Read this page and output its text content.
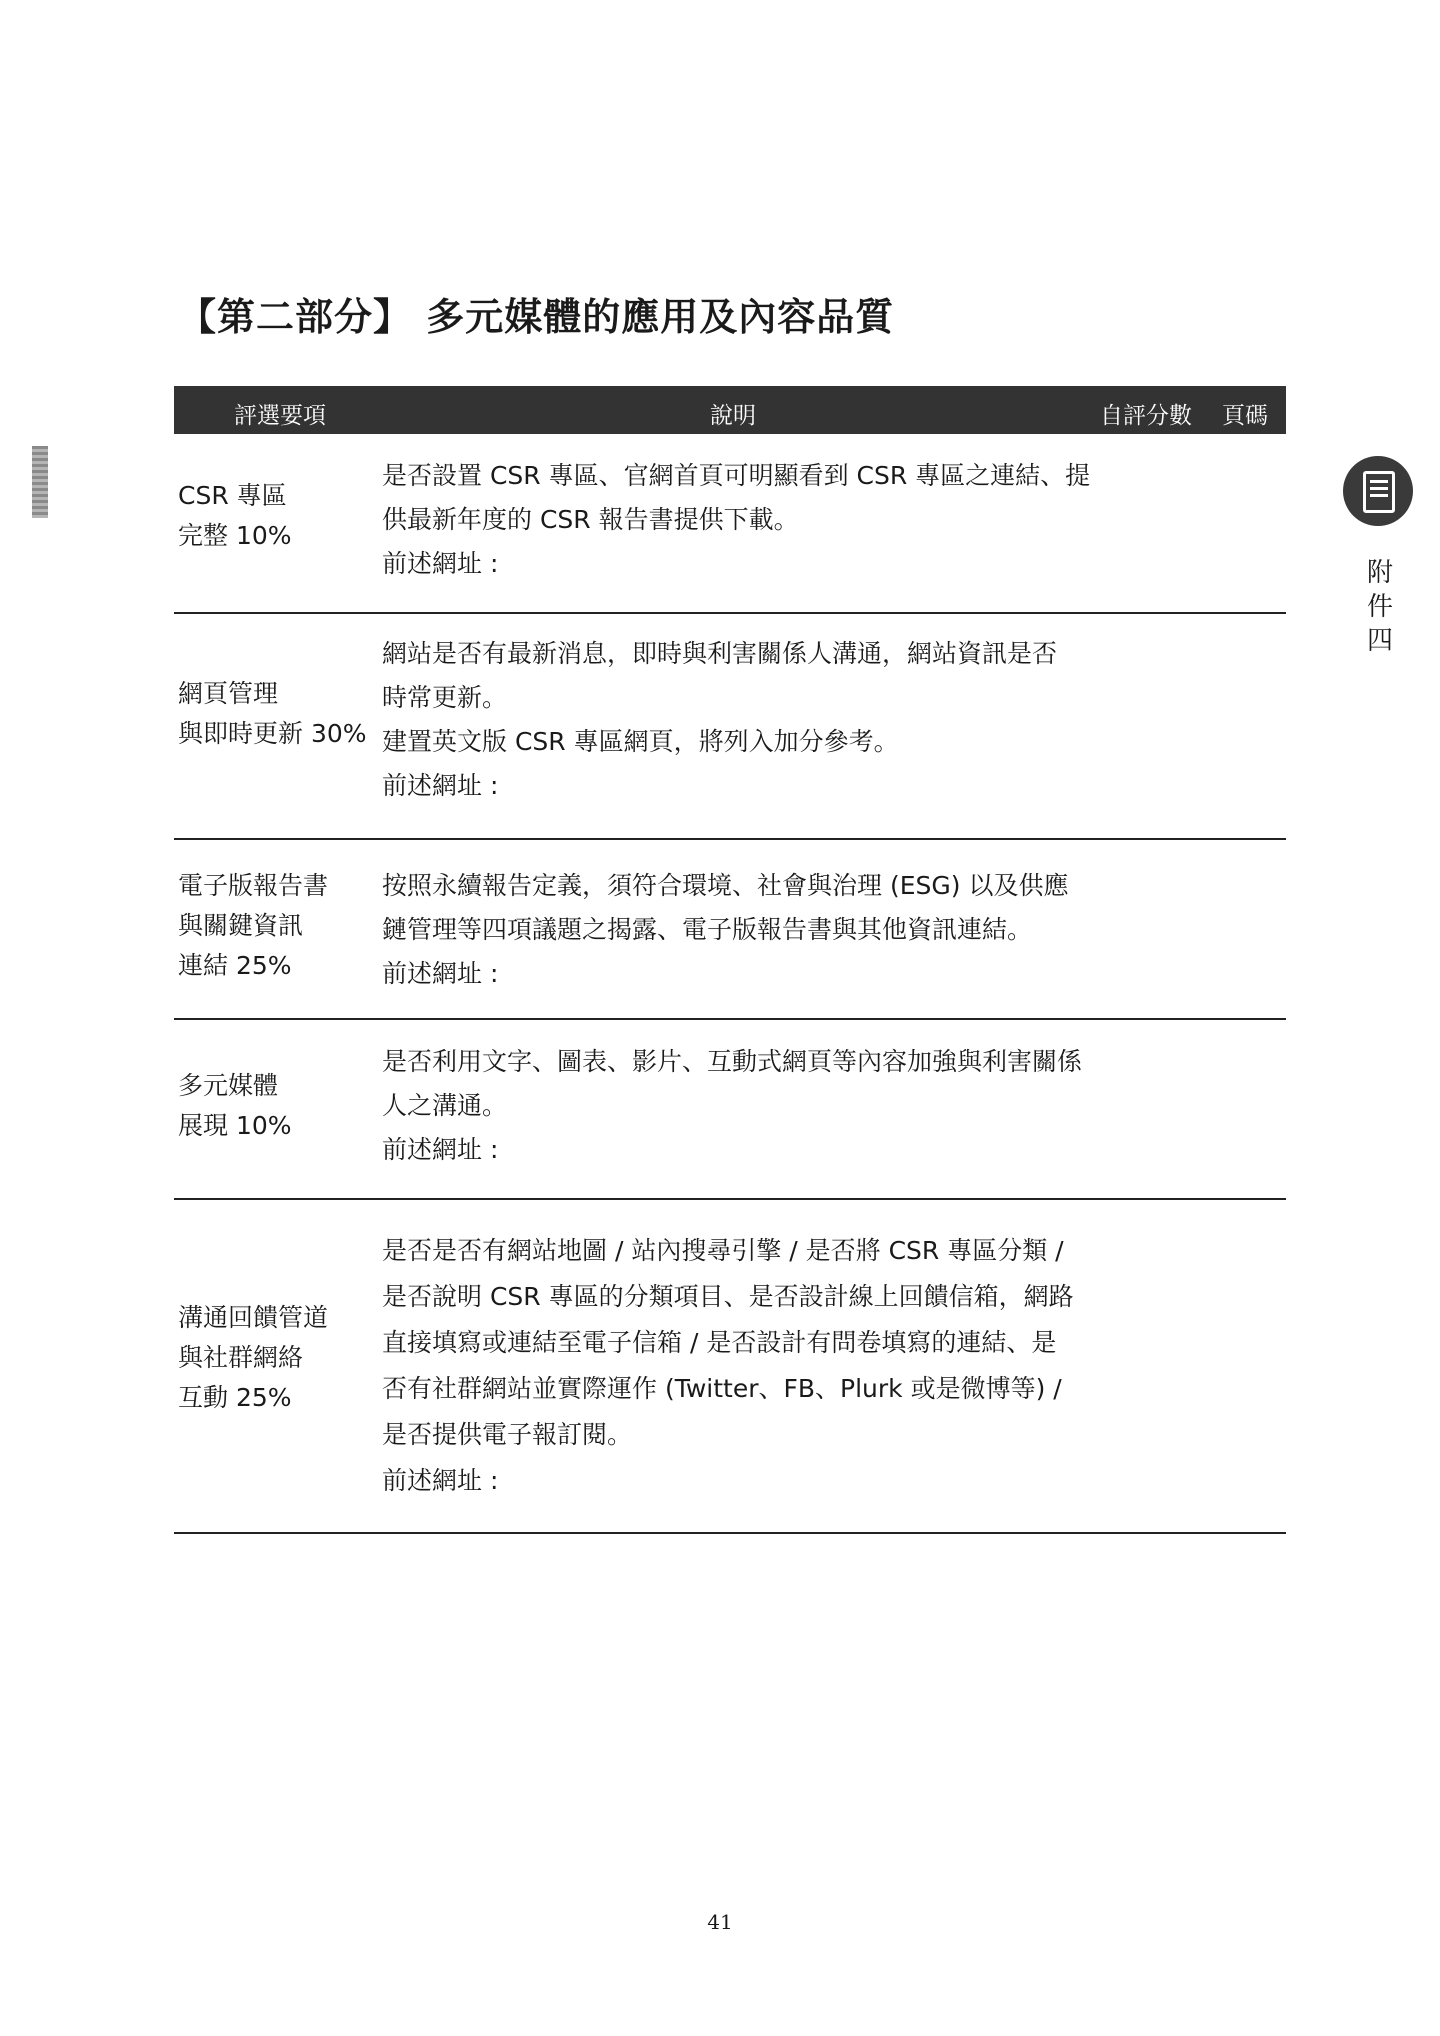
【第二部分】 多元媒體的應用及內容品質
評選要項	說明	自評分數 頁碼
CSR 專區
完整 10%
是否設置 CSR 專區、官網首頁可明顯看到 CSR 專區之連結、提
供最新年度的 CSR 報告書提供下載。
前述網址 :
網頁管理
與即時更新 30%
網站是否有最新消息，即時與利害關係人溝通，網站資訊是否
時常更新。
建置英文版 CSR 專區網頁，將列入加分參考。
前述網址 :
電子版報告書
與關鍵資訊
連結 25%
按照永續報告定義，須符合環境、社會與治理 (ESG) 以及供應
鏈管理等四項議題之揭露、電子版報告書與其他資訊連結。
前述網址 :
多元媒體
展現 10%
是否利用文字、圖表、影片、互動式網頁等內容加強與利害關係
人之溝通。
前述網址 :
溝通回饋管道
與社群網絡
互動 25%
是否是否有網站地圖 / 站內搜尋引擎 / 是否將 CSR 專區分類 /
是否說明 CSR 專區的分類項目、是否設計線上回饋信箱，網路
直接填寫或連結至電子信箱 / 是否設計有問卷填寫的連結、是
否有社群網站並實際運作 (Twitter、FB、Plurk 或是微博等) /
是否提供電子報訂閱。
前述網址 :
附
件
四
41
